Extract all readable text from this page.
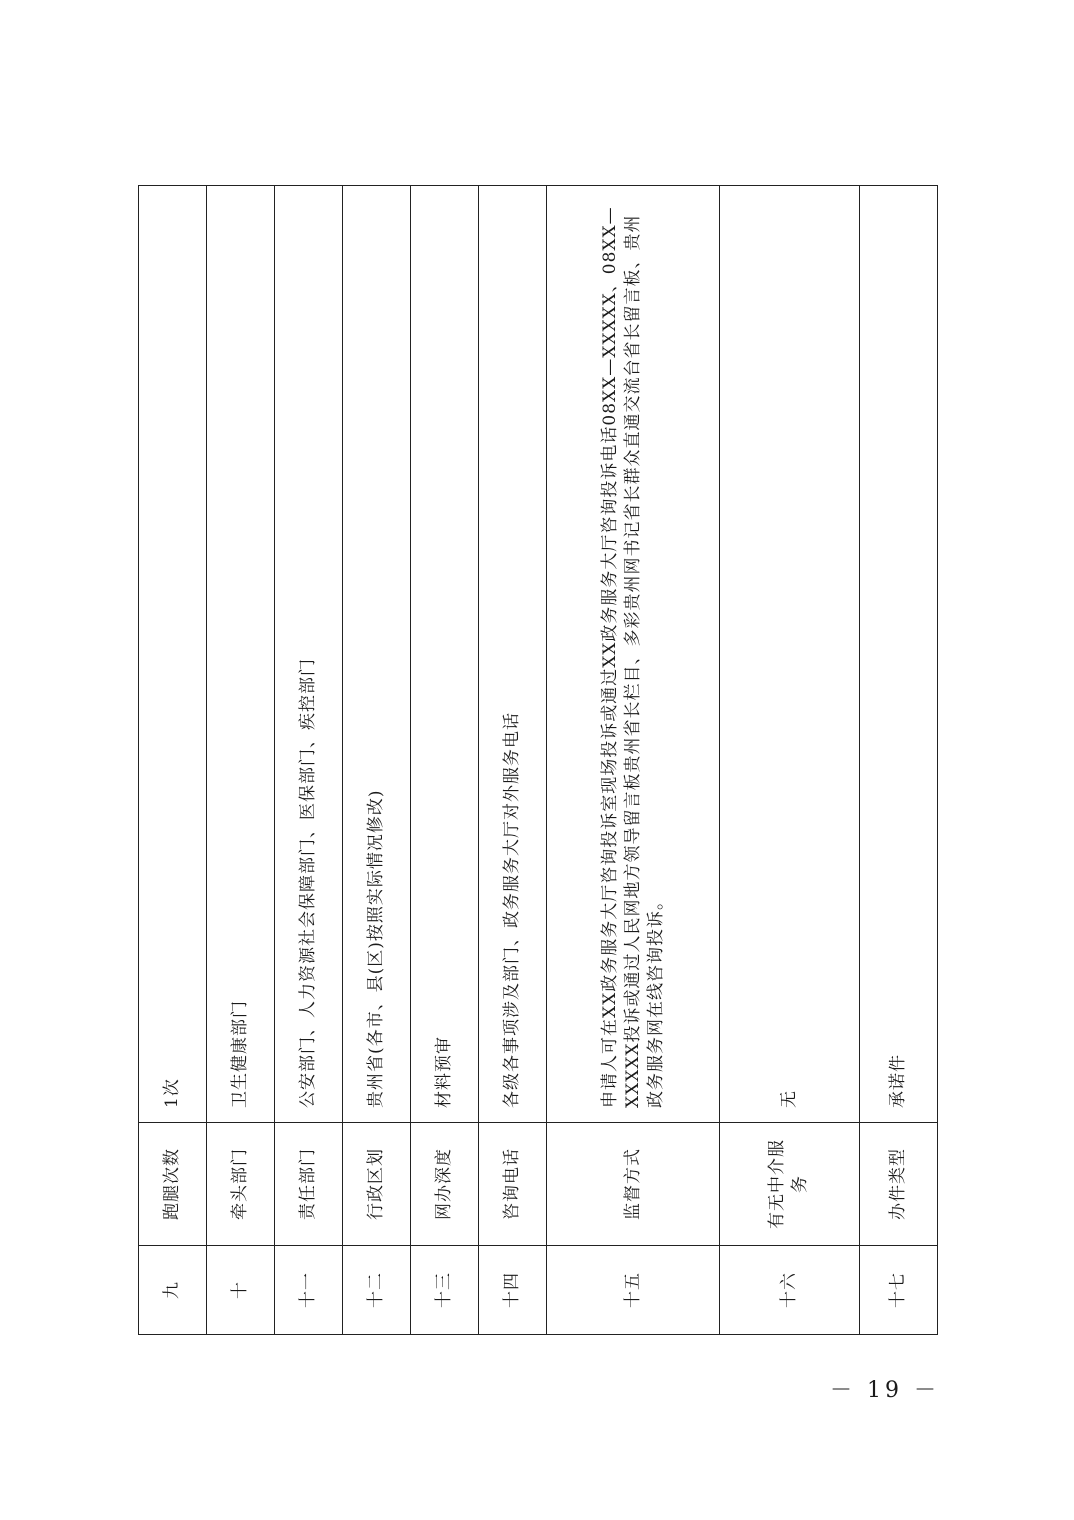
九	跑腿次数	1次
十	牵头部门	卫生健康部门
十一	责任部门	公安部门、人力资源社会保障部门、医保部门、疾控部门
十二	行政区划	贵州省(各市、县(区)按照实际情况修改)
十三	网办深度	材料预审
十四	咨询电话	各级各事项涉及部门、政务服务大厅对外服务电话
十五	监督方式	申请人可在XX政务服务大厅咨询投诉室现场投诉或通过XX政务服务大厅咨询投诉电话08XX—XXXXX、08XX—XXXXX投诉或通过人民网地方领导留言板贵州省长栏目、多彩贵州网书记省长群众直通交流台省长留言板、贵州政务服务网在线咨询投诉。
十六	有无中介服务	无
十七	办件类型	承诺件
－ 19 －
